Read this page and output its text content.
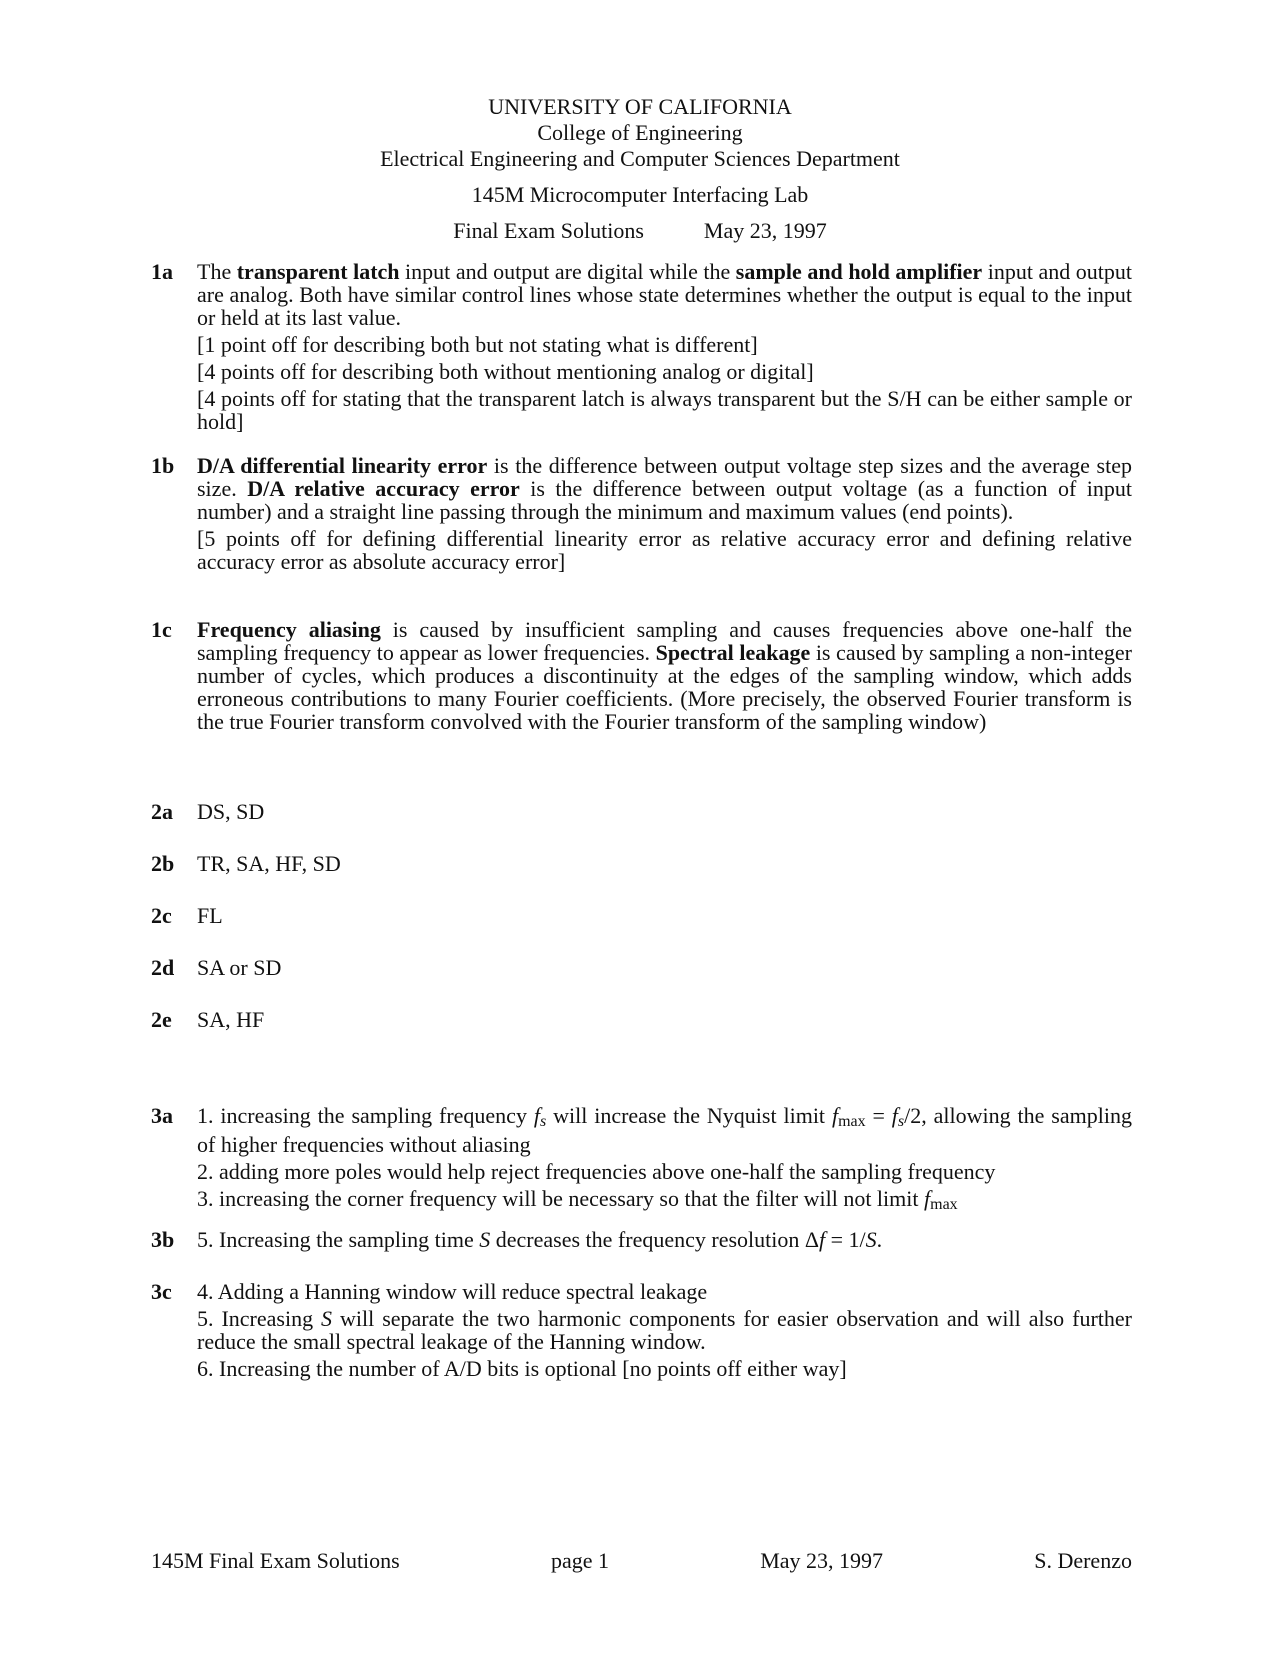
UNIVERSITY OF CALIFORNIA
College of Engineering
Electrical Engineering and Computer Sciences Department
145M Microcomputer Interfacing Lab
Final Exam Solutions	May 23, 1997
1a	The transparent latch input and output are digital while the sample and hold amplifier input and output are analog. Both have similar control lines whose state determines whether the output is equal to the input or held at its last value.

[1 point off for describing both but not stating what is different]

[4 points off for describing both without mentioning analog or digital]

[4 points off for stating that the transparent latch is always transparent but the S/H can be either sample or hold]

1b	D/A differential linearity error is the difference between output voltage step sizes and the average step size. D/A relative accuracy error is the difference between output voltage (as a function of input number) and a straight line passing through the minimum and maximum values (end points).

[5 points off for defining differential linearity error as relative accuracy error and defining relative accuracy error as absolute accuracy error]

1c	Frequency aliasing is caused by insufficient sampling and causes frequencies above one-half the sampling frequency to appear as lower frequencies. Spectral leakage is caused by sampling a non-integer number of cycles, which produces a discontinuity at the edges of the sampling window, which adds erroneous contributions to many Fourier coefficients. (More precisely, the observed Fourier transform is the true Fourier transform convolved with the Fourier transform of the sampling window)

2a	DS, SD

2b	TR, SA, HF, SD

2c	FL

2d	SA or SD

2e	SA, HF

3a	1. increasing the sampling frequency $f_s$ will increase the Nyquist limit $f_{max} = f_s/2$, allowing the sampling of higher frequencies without aliasing

2. adding more poles would help reject frequencies above one-half the sampling frequency

3. increasing the corner frequency will be necessary so that the filter will not limit $f_{max}$

3b	5. Increasing the sampling time S decreases the frequency resolution Δf = 1/S.

3c	4. Adding a Hanning window will reduce spectral leakage

5. Increasing S will separate the two harmonic components for easier observation and will also further reduce the small spectral leakage of the Hanning window.

6. Increasing the number of A/D bits is optional [no points off either way]

145M Final Exam Solutions	page 1	May 23, 1997	S. Derenzo
